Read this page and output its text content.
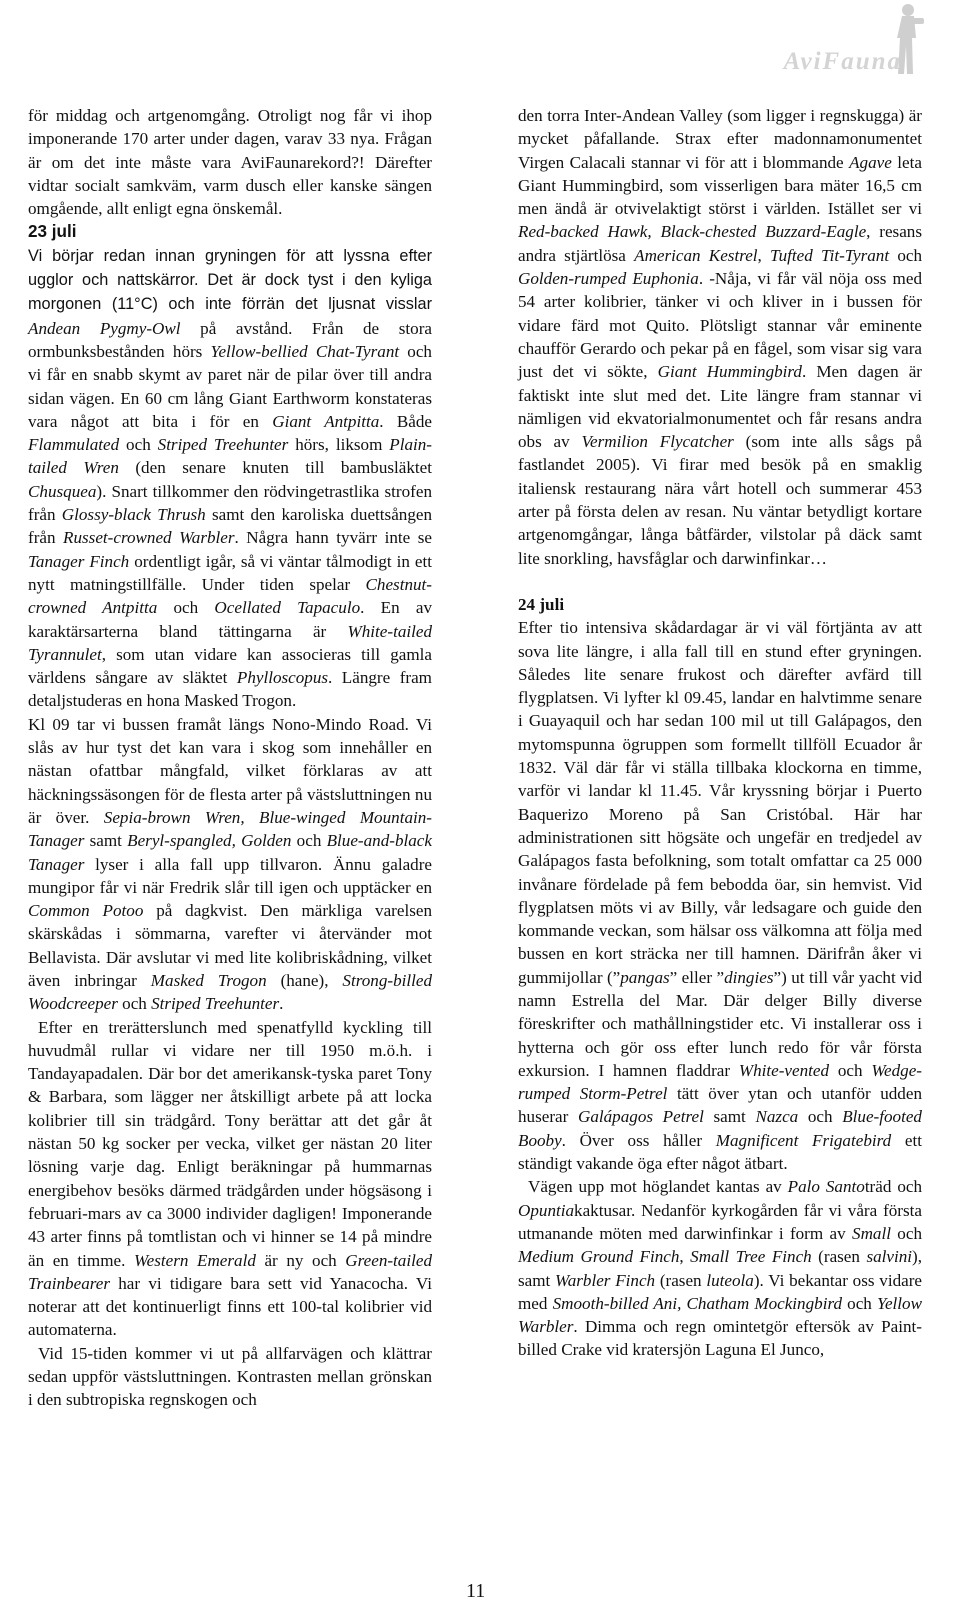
AviFauna

för middag och artgenomgång. Otroligt nog får vi ihop imponerande 170 arter under dagen, varav 33 nya. Frågan är om det inte måste vara AviFaunarekord?! Därefter vidtar socialt samkväm, varm dusch eller kanske sängen omgående, allt enligt egna önskemål.

23 juli

Vi börjar redan innan gryningen för att lyssna efter ugglor och nattskärror. Det är dock tyst i den kyliga morgonen (11°C) och inte förrän det ljusnat visslar Andean Pygmy-Owl på avstånd. Från de stora ormbunksbestånden hörs Yellow-bellied Chat-Tyrant och vi får en snabb skymt av paret när de pilar över till andra sidan vägen. En 60 cm lång Giant Earthworm konstateras vara något att bita i för en Giant Antpitta. Både Flammulated och Striped Treehunter hörs, liksom Plain-tailed Wren (den senare knuten till bambusläktet Chusquea). Snart tillkommer den rödvingetrastlika strofen från Glossy-black Thrush samt den karoliska duettsången från Russet-crowned Warbler. Några hann tyvärr inte se Tanager Finch ordentligt igår, så vi väntar tålmodigt in ett nytt matningstillfälle. Under tiden spelar Chestnut-crowned Antpitta och Ocellated Tapaculo. En av karaktärsarterna bland tättingarna är White-tailed Tyrannulet, som utan vidare kan associeras till gamla världens sångare av släktet Phylloscopus. Längre fram detaljstuderas en hona Masked Trogon.

Kl 09 tar vi bussen framåt längs Nono-Mindo Road. Vi slås av hur tyst det kan vara i skog som innehåller en nästan ofattbar mångfald, vilket förklaras av att häckningssäsongen för de flesta arter på västsluttningen nu är över. Sepia-brown Wren, Blue-winged Mountain-Tanager samt Beryl-spangled, Golden och Blue-and-black Tanager lyser i alla fall upp tillvaron. Ännu galadre mungipor får vi när Fredrik slår till igen och upptäcker en Common Potoo på dagkvist. Den märkliga varelsen skärskådas i sömmarna, varefter vi återvänder mot Bellavista. Där avslutar vi med lite kolibriskådning, vilket även inbringar Masked Trogon (hane), Strong-billed Woodcreeper och Striped Treehunter.

Efter en trerätterslunch med spenatfylld kyckling till huvudmål rullar vi vidare ner till 1950 m.ö.h. i Tandayapadalen. Där bor det amerikansk-tyska paret Tony & Barbara, som lägger ner åtskilligt arbete på att locka kolibrier till sin trädgård. Tony berättar att det går åt nästan 50 kg socker per vecka, vilket ger nästan 20 liter lösning varje dag. Enligt beräkningar på hummarnas energibehov besöks därmed trädgården under högsäsong i februari-mars av ca 3000 individer dagligen! Imponerande 43 arter finns på tomtlistan och vi hinner se 14 på mindre än en timme. Western Emerald är ny och Green-tailed Trainbearer har vi tidigare bara sett vid Yanacocha. Vi noterar att det kontinuerligt finns ett 100-tal kolibrier vid automaterna.

Vid 15-tiden kommer vi ut på allfarvägen och klättrar sedan uppför västsluttningen. Kontrasten mellan grönskan i den subtropiska regnskogen och

den torra Inter-Andean Valley (som ligger i regnskugga) är mycket påfallande. Strax efter madonnamonumentet Virgen Calacali stannar vi för att i blommande Agave leta Giant Hummingbird, som visserligen bara mäter 16,5 cm men ändå är otvivelaktigt störst i världen. Istället ser vi Red-backed Hawk, Black-chested Buzzard-Eagle, resans andra stjärtlösa American Kestrel, Tufted Tit-Tyrant och Golden-rumped Euphonia. -Nåja, vi får väl nöja oss med 54 arter kolibrier, tänker vi och kliver in i bussen för vidare färd mot Quito. Plötsligt stannar vår eminente chaufför Gerardo och pekar på en fågel, som visar sig vara just det vi sökte, Giant Hummingbird. Men dagen är faktiskt inte slut med det. Lite längre fram stannar vi nämligen vid ekvatorialmonumentet och får resans andra obs av Vermilion Flycatcher (som inte alls sågs på fastlandet 2005). Vi firar med besök på en smaklig italiensk restaurang nära vårt hotell och summerar 453 arter på första delen av resan. Nu väntar betydligt kortare artgenomgångar, långa båtfärder, vilstolar på däck samt lite snorkling, havsfåglar och darwinfinkar…

24 juli

Efter tio intensiva skådardagar är vi väl förtjänta av att sova lite längre, i alla fall till en stund efter gryningen. Således lite senare frukost och därefter avfärd till flygplatsen. Vi lyfter kl 09.45, landar en halvtimme senare i Guayaquil och har sedan 100 mil ut till Galápagos, den mytomspunna ögruppen som formellt tillföll Ecuador år 1832. Väl där får vi ställa tillbaka klockorna en timme, varför vi landar kl 11.45. Vår kryssning börjar i Puerto Baquerizo Moreno på San Cristóbal. Här har administrationen sitt högsäte och ungefär en tredjedel av Galápagos fasta befolkning, som totalt omfattar ca 25 000 invånare fördelade på fem bebodda öar, sin hemvist. Vid flygplatsen möts vi av Billy, vår ledsagare och guide den kommande veckan, som hälsar oss välkomna att följa med bussen en kort sträcka ner till hamnen. Därifrån åker vi gummijollar (”pangas” eller ”dingies”) ut till vår yacht vid namn Estrella del Mar. Där delger Billy diverse föreskrifter och mathållningstider etc. Vi installerar oss i hytterna och gör oss efter lunch redo för vår första exkursion. I hamnen fladdrar White-vented och Wedge-rumped Storm-Petrel tätt över ytan och utanför udden huserar Galápagos Petrel samt Nazca och Blue-footed Booby. Över oss håller Magnificent Frigatebird ett ständigt vakande öga efter något ätbart.

Vägen upp mot höglandet kantas av Palo Santoträd och Opuntiakaktusar. Nedanför kyrkogården får vi våra första utmanande möten med darwinfinkar i form av Small och Medium Ground Finch, Small Tree Finch (rasen salvini), samt Warbler Finch (rasen luteola). Vi bekantar oss vidare med Smooth-billed Ani, Chatham Mockingbird och Yellow Warbler. Dimma och regn omintetgör eftersök av Paint-billed Crake vid kratersjön Laguna El Junco,

11
